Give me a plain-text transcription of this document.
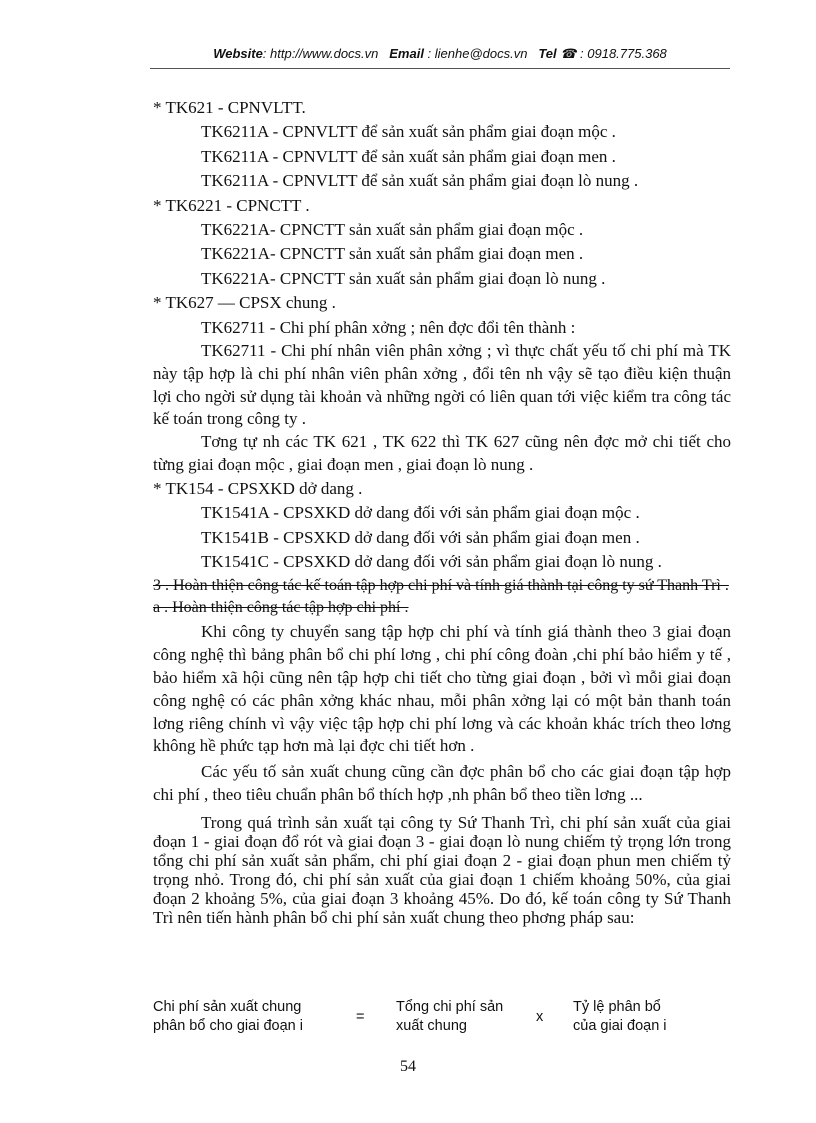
Website: http://www.docs.vn Email : lienhe@docs.vn Tel ☎ : 0918.775.368
* TK621 - CPNVLTT.
TK6211A - CPNVLTT để sản xuất sản phẩm giai đoạn mộc .
TK6211A - CPNVLTT để sản xuất sản phẩm giai đoạn men .
TK6211A - CPNVLTT để sản xuất sản phẩm giai đoạn lò nung .
* TK6221 - CPNCTT .
TK6221A- CPNCTT sản xuất sản phẩm giai đoạn mộc .
TK6221A- CPNCTT sản xuất sản phẩm giai đoạn men .
TK6221A- CPNCTT sản xuất sản phẩm giai đoạn lò nung .
* TK627 — CPSX chung .
TK62711 - Chi phí phân xởng ; nên đợc đổi tên thành :
TK62711 - Chi phí nhân viên phân xởng ; vì thực chất yếu tố chi phí mà TK này tập hợp là chi phí nhân viên phân xởng , đổi tên nh vậy sẽ tạo điều kiện thuận lợi cho ngời sử dụng tài khoản và những ngời có liên quan tới việc kiểm tra công tác kế toán trong công ty .
Tơng tự nh các TK 621 , TK 622 thì TK 627 cũng nên đợc mở chi tiết cho từng giai đoạn mộc , giai đoạn men , giai đoạn lò nung .
* TK154 - CPSXKD dở dang .
TK1541A - CPSXKD dở dang đối với sản phẩm giai đoạn mộc .
TK1541B - CPSXKD dở dang đối với sản phẩm giai đoạn men .
TK1541C - CPSXKD dở dang đối với sản phẩm giai đoạn lò nung .
3 . Hoàn thiện công tác kế toán tập hợp chi phí và tính giá thành tại công ty sứ Thanh Trì .
a . Hoàn thiện công tác tập hợp chi phí .
Khi công ty chuyển sang tập hợp chi phí và tính giá thành theo 3 giai đoạn công nghệ thì bảng phân bổ chi phí lơng , chi phí công đoàn ,chi phí bảo hiểm y tế , bảo hiểm xã hội cũng nên tập hợp chi tiết cho từng giai đoạn , bởi vì mỗi giai đoạn công nghệ có các phân xởng khác nhau, mỗi phân xởng lại có một bản thanh toán lơng riêng chính vì vậy việc tập hợp chi phí lơng và các khoản khác trích theo lơng không hề phức tạp hơn mà lại đợc chi tiết hơn .
Các yếu tố sản xuất chung cũng cần đợc phân bổ cho các giai đoạn tập hợp chi phí , theo tiêu chuẩn phân bổ thích hợp ,nh phân bổ theo tiền lơng ...
Trong quá trình sản xuất tại công ty Sứ Thanh Trì, chi phí sản xuất của giai đoạn 1 - giai đoạn đổ rót và giai đoạn 3 - giai đoạn lò nung chiếm tỷ trọng lớn trong tổng chi phí sản xuất sản phẩm, chi phí giai đoạn 2 - giai đoạn phun men chiếm tỷ trọng nhỏ. Trong đó, chi phí sản xuất của giai đoạn 1 chiếm khoảng 50%, của giai đoạn 2 khoảng 5%, của giai đoạn 3 khoảng 45%. Do đó, kế toán công ty Sứ Thanh Trì nên tiến hành phân bổ chi phí sản xuất chung theo phơng pháp sau:
Chi phí sản xuất chung
phân bổ cho giai đoạn i
=
Tổng chi phí sản
xuất chung
x
Tỷ lệ phân bổ
của giai đoạn i
54
